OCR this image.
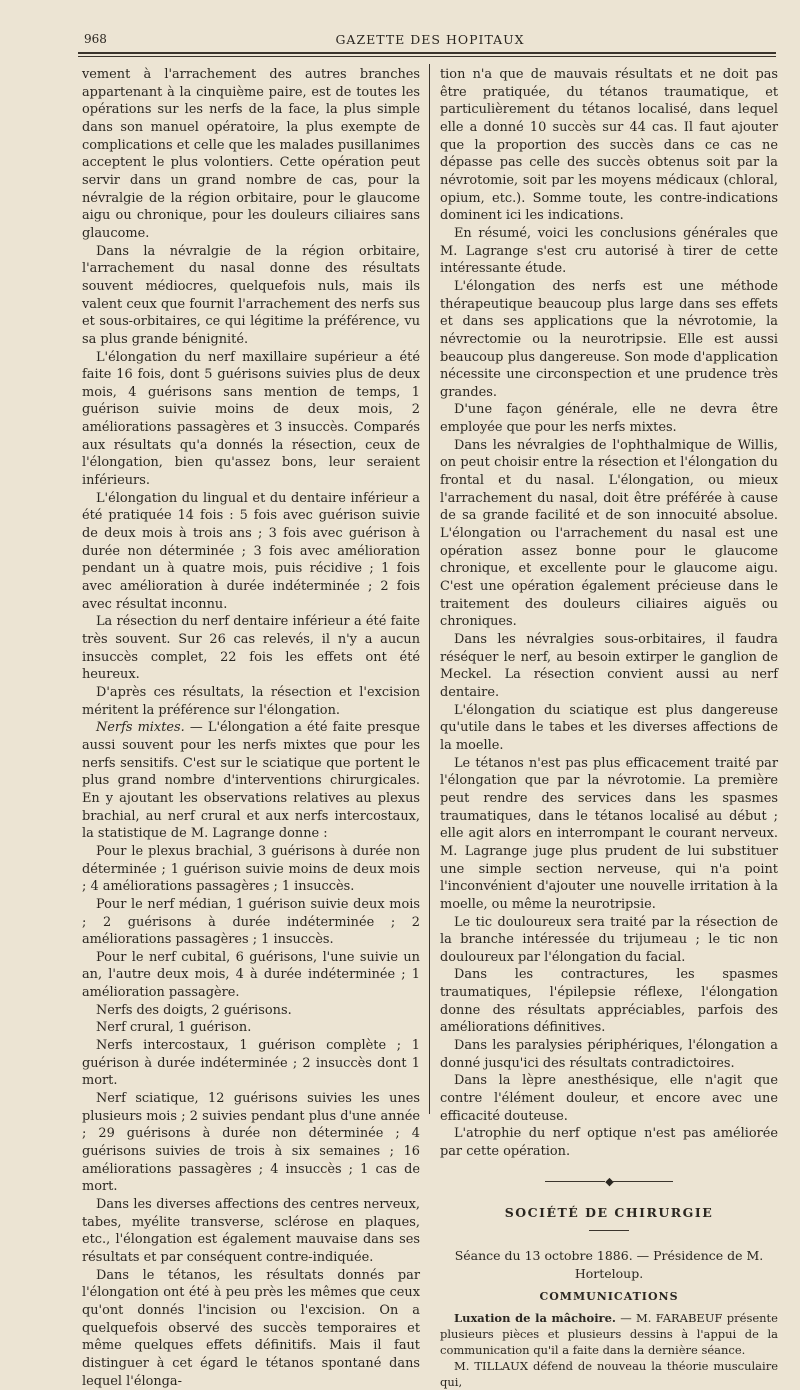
968	GAZETTE DES HOPITAUX

vement à l'arrachement des autres branches appartenant à la cinquième paire, est de toutes les opérations sur les nerfs de la face, la plus simple dans son manuel opératoire, la plus exempte de complications et celle que les malades pusillanimes acceptent le plus volontiers. Cette opération peut servir dans un grand nombre de cas, pour la névralgie de la région orbitaire, pour le glaucome aigu ou chronique, pour les douleurs ciliaires sans glaucome.

Dans la névralgie de la région orbitaire, l'arrachement du nasal donne des résultats souvent médiocres, quelquefois nuls, mais ils valent ceux que fournit l'arrachement des nerfs sus et sous-orbitaires, ce qui légitime la préférence, vu sa plus grande bénignité.

L'élongation du nerf maxillaire supérieur a été faite 16 fois, dont 5 guérisons suivies plus de deux mois, 4 guérisons sans mention de temps, 1 guérison suivie moins de deux mois, 2 améliorations passagères et 3 insuccès. Comparés aux résultats qu'a donnés la résection, ceux de l'élongation, bien qu'assez bons, leur seraient inférieurs.

L'élongation du lingual et du dentaire inférieur a été pratiquée 14 fois : 5 fois avec guérison suivie de deux mois à trois ans ; 3 fois avec guérison à durée non déterminée ; 3 fois avec amélioration pendant un à quatre mois, puis récidive ; 1 fois avec amélioration à durée indéterminée ; 2 fois avec résultat inconnu.

La résection du nerf dentaire inférieur a été faite très souvent. Sur 26 cas relevés, il n'y a aucun insuccès complet, 22 fois les effets ont été heureux.

D'après ces résultats, la résection et l'excision méritent la préférence sur l'élongation.

Nerfs mixtes. — L'élongation a été faite presque aussi souvent pour les nerfs mixtes que pour les nerfs sensitifs. C'est sur le sciatique que portent le plus grand nombre d'interventions chirurgicales. En y ajoutant les observations relatives au plexus brachial, au nerf crural et aux nerfs intercostaux, la statistique de M. Lagrange donne :

Pour le plexus brachial, 3 guérisons à durée non déterminée ; 1 guérison suivie moins de deux mois ; 4 améliorations passagères ; 1 insuccès.

Pour le nerf médian, 1 guérison suivie deux mois ; 2 guérisons à durée indéterminée ; 2 améliorations passagères ; 1 insuccès.

Pour le nerf cubital, 6 guérisons, l'une suivie un an, l'autre deux mois, 4 à durée indéterminée ; 1 amélioration passagère.

Nerfs des doigts, 2 guérisons.

Nerf crural, 1 guérison.

Nerfs intercostaux, 1 guérison complète ; 1 guérison à durée indéterminée ; 2 insuccès dont 1 mort.

Nerf sciatique, 12 guérisons suivies les unes plusieurs mois ; 2 suivies pendant plus d'une année ; 29 guérisons à durée non déterminée ; 4 guérisons suivies de trois à six semaines ; 16 améliorations passagères ; 4 insuccès ; 1 cas de mort.

Dans les diverses affections des centres nerveux, tabes, myélite transverse, sclérose en plaques, etc., l'élongation est également mauvaise dans ses résultats et par conséquent contre-indiquée.

Dans le tétanos, les résultats donnés par l'élongation ont été à peu près les mêmes que ceux qu'ont donnés l'incision ou l'excision. On a quelquefois observé des succès temporaires et même quelques effets définitifs. Mais il faut distinguer à cet égard le tétanos spontané dans lequel l'élonga-

tion n'a que de mauvais résultats et ne doit pas être pratiquée, du tétanos traumatique, et particulièrement du tétanos localisé, dans lequel elle a donné 10 succès sur 44 cas. Il faut ajouter que la proportion des succès dans ce cas ne dépasse pas celle des succès obtenus soit par la névrotomie, soit par les moyens médicaux (chloral, opium, etc.). Somme toute, les contre-indications dominent ici les indications.

En résumé, voici les conclusions générales que M. Lagrange s'est cru autorisé à tirer de cette intéressante étude.

L'élongation des nerfs est une méthode thérapeutique beaucoup plus large dans ses effets et dans ses applications que la névrotomie, la névrectomie ou la neurotripsie. Elle est aussi beaucoup plus dangereuse. Son mode d'application nécessite une circonspection et une prudence très grandes.

D'une façon générale, elle ne devra être employée que pour les nerfs mixtes.

Dans les névralgies de l'ophthalmique de Willis, on peut choisir entre la résection et l'élongation du frontal et du nasal. L'élongation, ou mieux l'arrachement du nasal, doit être préférée à cause de sa grande facilité et de son innocuité absolue. L'élongation ou l'arrachement du nasal est une opération assez bonne pour le glaucome chronique, et excellente pour le glaucome aigu. C'est une opération également précieuse dans le traitement des douleurs ciliaires aiguës ou chroniques.

Dans les névralgies sous-orbitaires, il faudra réséquer le nerf, au besoin extirper le ganglion de Meckel. La résection convient aussi au nerf dentaire.

L'élongation du sciatique est plus dangereuse qu'utile dans le tabes et les diverses affections de la moelle.

Le tétanos n'est pas plus efficacement traité par l'élongation que par la névrotomie. La première peut rendre des services dans les spasmes traumatiques, dans le tétanos localisé au début ; elle agit alors en interrompant le courant nerveux. M. Lagrange juge plus prudent de lui substituer une simple section nerveuse, qui n'a point l'inconvénient d'ajouter une nouvelle irritation à la moelle, ou même la neurotripsie.

Le tic douloureux sera traité par la résection de la branche intéressée du trijumeau ; le tic non douloureux par l'élongation du facial.

Dans les contractures, les spasmes traumatiques, l'épilepsie réflexe, l'élongation donne des résultats appréciables, parfois des améliorations définitives.

Dans les paralysies périphériques, l'élongation a donné jusqu'ici des résultats contradictoires.

Dans la lèpre anesthésique, elle n'agit que contre l'élément douleur, et encore avec une efficacité douteuse.

L'atrophie du nerf optique n'est pas améliorée par cette opération.

◆
SOCIÉTÉ DE CHIRURGIE
Séance du 13 octobre 1886. — Présidence de M. Horteloup.
COMMUNICATIONS

Luxation de la mâchoire. — M. FARABEUF présente plusieurs pièces et plusieurs dessins à l'appui de la communication qu'il a faite dans la dernière séance.

M. TILLAUX défend de nouveau la théorie musculaire qui,
